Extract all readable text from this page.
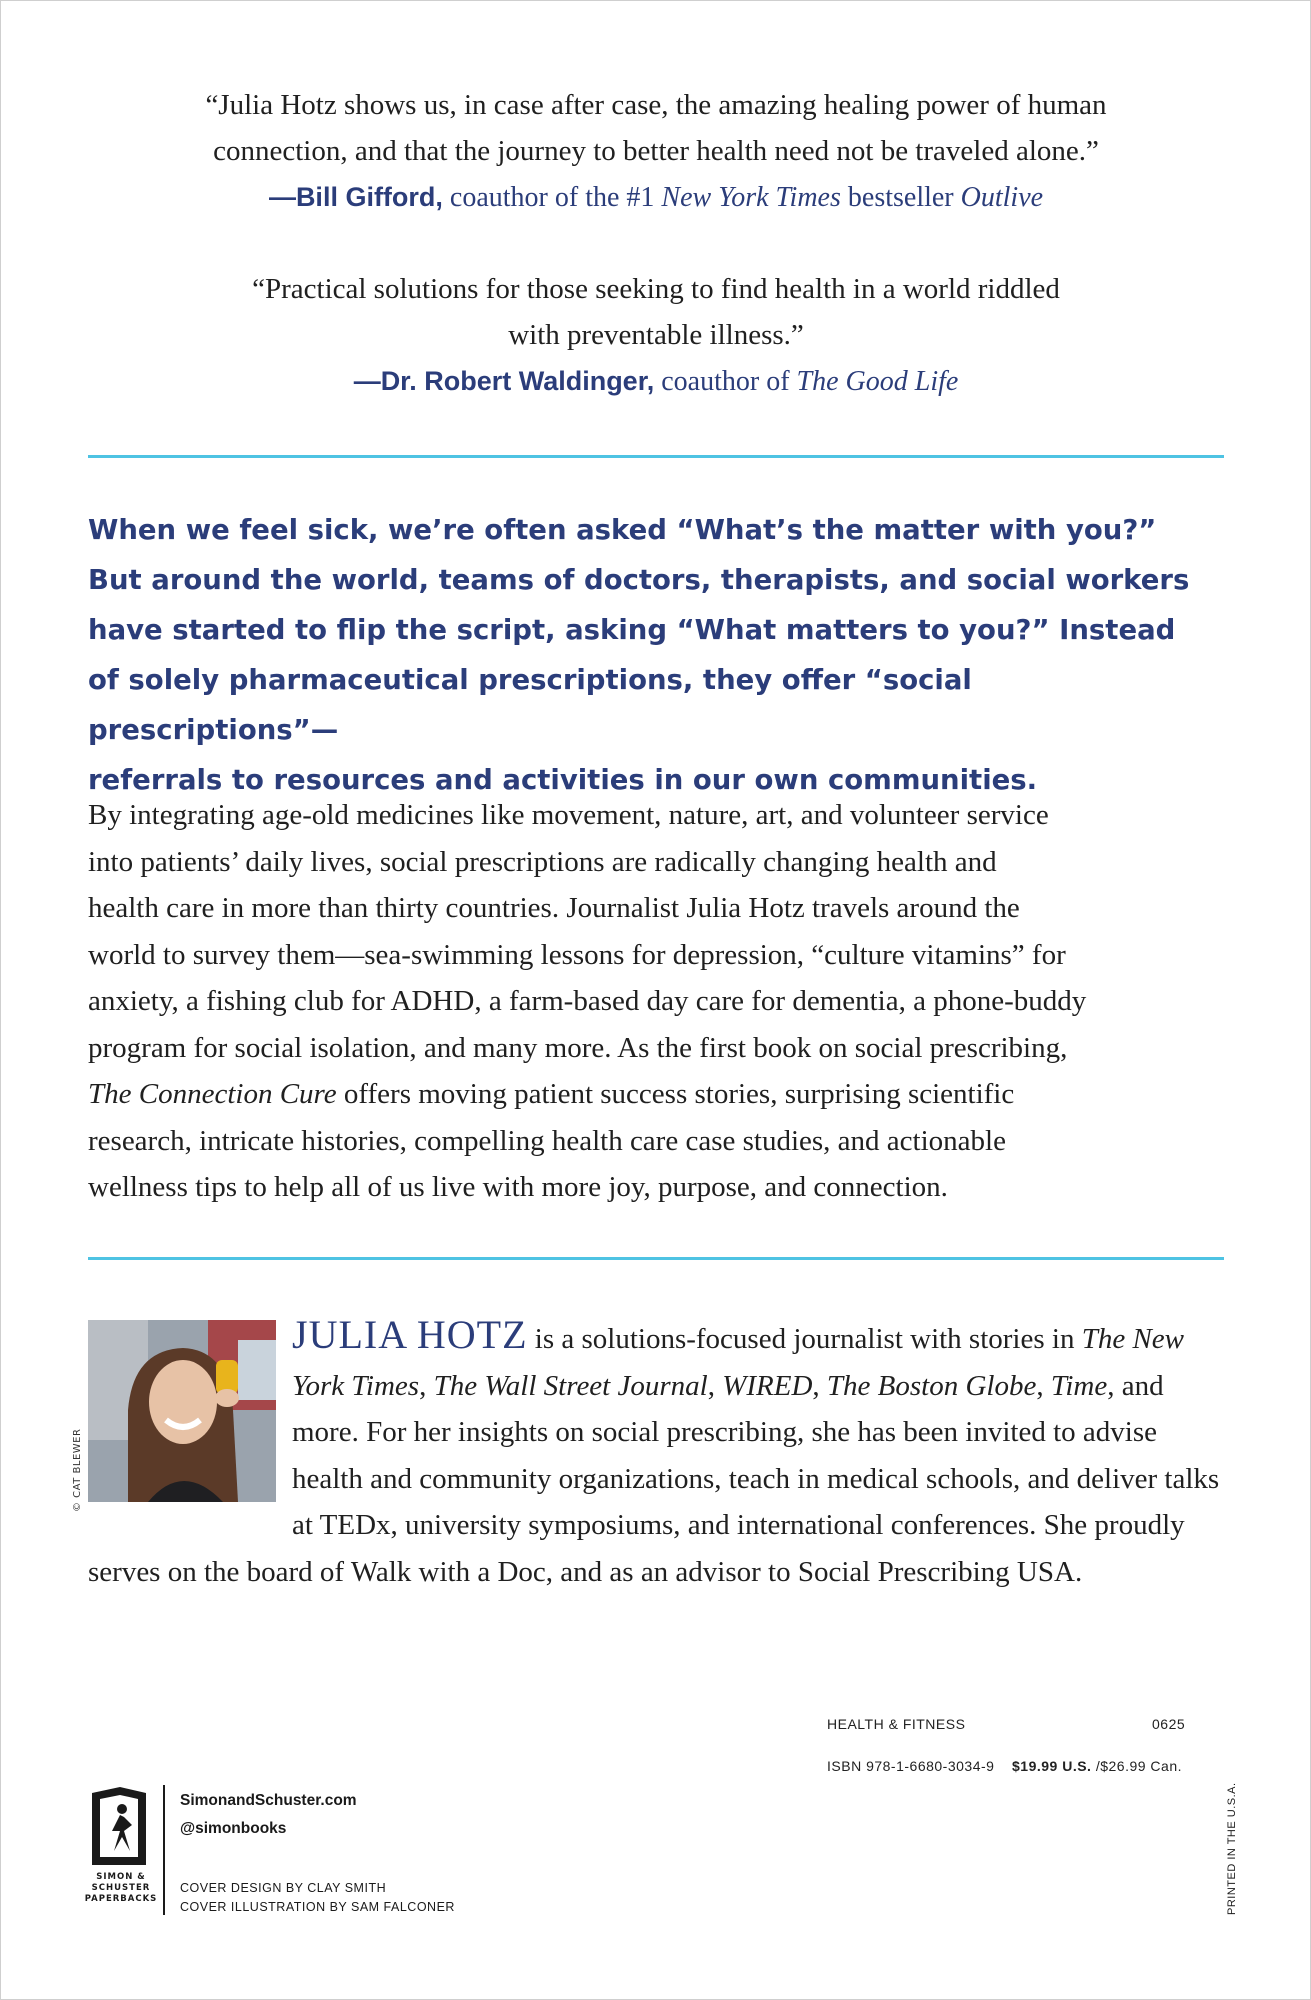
“Julia Hotz shows us, in case after case, the amazing healing power of human
connection, and that the journey to better health need not be traveled alone.”
—Bill Gifford, coauthor of the #1 New York Times bestseller Outlive
“Practical solutions for those seeking to find health in a world riddled
with preventable illness.”
—Dr. Robert Waldinger, coauthor of The Good Life
When we feel sick, we’re often asked “What’s the matter with you?”
But around the world, teams of doctors, therapists, and social workers
have started to flip the script, asking “What matters to you?” Instead
of solely pharmaceutical prescriptions, they offer “social prescriptions”—
referrals to resources and activities in our own communities.
By integrating age-old medicines like movement, nature, art, and volunteer service
into patients’ daily lives, social prescriptions are radically changing health and
health care in more than thirty countries. Journalist Julia Hotz travels around the
world to survey them—sea-swimming lessons for depression, “culture vitamins” for
anxiety, a fishing club for ADHD, a farm-based day care for dementia, a phone-buddy
program for social isolation, and many more. As the first book on social prescribing,
The Connection Cure offers moving patient success stories, surprising scientific
research, intricate histories, compelling health care case studies, and actionable
wellness tips to help all of us live with more joy, purpose, and connection.
© CAT BLEWER
JULIA HOTZ is a solutions-focused journalist with stories in The New York Times, The Wall Street Journal, WIRED, The Boston Globe, Time, and more. For her insights on social prescribing, she has been invited to advise health and community organizations, teach in medical schools, and deliver talks at TEDx, university symposiums, and international conferences. She proudly serves on the board of Walk with a Doc, and as an advisor to Social Prescribing USA.
HEALTH & FITNESS	0625
ISBN 978-1-6680-3034-9 $19.99 U.S. /$26.99 Can.
SIMON &
SCHUSTER
PAPERBACKS
SimonandSchuster.com
@simonbooks
COVER DESIGN BY CLAY SMITH
COVER ILLUSTRATION BY SAM FALCONER	PRINTED IN THE U.S.A.
